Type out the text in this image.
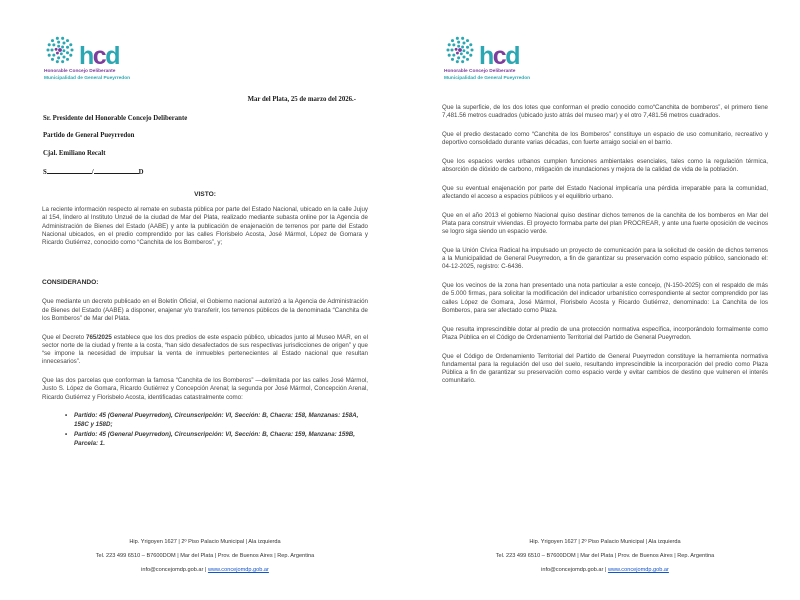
hcd
Honorable Concejo Deliberante
Municipalidad de General Pueyrredon
Mar del Plata, 25 de marzo del 2026.-

Sr. Presidente del Honorable Concejo Deliberante

Partido de General Pueyrredon

Cjal. Emiliano Recalt

S	/	D
VISTO:

La reciente información respecto al remate en subasta pública por parte del Estado Nacional, ubicado en la calle Jujuy al 154, lindero al Instituto Unzué de la ciudad de Mar del Plata, realizado mediante subasta online por la Agencia de Administración de Bienes del Estado (AABE) y ante la publicación de enajenación de terrenos por parte del Estado Nacional ubicados, en el predio comprendido por las calles Florisbelo Acosta, José Mármol, López de Gomara y Ricardo Gutiérrez, conocido como “Canchita de los Bomberos”, y;

CONSIDERANDO:

Que mediante un decreto publicado en el Boletín Oficial, el Gobierno nacional autorizó a la Agencia de Administración de Bienes del Estado (AABE) a disponer, enajenar y/o transferir, los terrenos públicos de la denominada “Canchita de los Bomberos” de Mar del Plata.

Que el Decreto 765/2025 establece que los dos predios de este espacio público, ubicados junto al Museo MAR, en el sector norte de la ciudad y frente a la costa, “han sido desafectados de sus respectivas jurisdicciones de origen” y que “se impone la necesidad de impulsar la venta de inmuebles pertenecientes al Estado nacional que resultan innecesarios”.

Que las dos parcelas que conforman la famosa “Canchita de los Bomberos” —delimitada por las calles José Mármol, Justo S. López de Gomara, Ricardo Gutiérrez y Concepción Arenal; la segunda por José Mármol, Concepción Arenal, Ricardo Gutiérrez y Florisbelo Acosta, identificadas catastralmente como:

• Partido: 45 (General Pueyrredon), Circunscripción: VI, Sección: B, Chacra: 158, Manzanas: 158A, 158C y 158D;
• Partido: 45 (General Pueyrredon), Circunscripción: VI, Sección: B, Chacra: 159, Manzana: 159B, Parcela: 1.
Hip. Yrigoyen 1627 | 2º Piso Palacio Municipal | Ala izquierda
Tel. 223 499 6510 – B7600DOM | Mar del Plata | Prov. de Buenos Aires | Rep. Argentina
info@concejomdp.gob.ar | www.concejomdp.gob.ar
hcd
Honorable Concejo Deliberante
Municipalidad de General Pueyrredon

Que la superficie, de los dos lotes que conforman el predio conocido como“Canchita de bomberos”, el primero tiene 7,481.56 metros cuadrados (ubicado justo atrás del museo mar) y el otro 7,481.56 metros cuadrados.

Que el predio destacado como “Canchita de los Bomberos” constituye un espacio de uso comunitario, recreativo y deportivo consolidado durante varias décadas, con fuerte arraigo social en el barrio.

Que los espacios verdes urbanos cumplen funciones ambientales esenciales, tales como la regulación térmica, absorción de dióxido de carbono, mitigación de inundaciones y mejora de la calidad de vida de la población.

Que su eventual enajenación por parte del Estado Nacional implicaría una pérdida irreparable para la comunidad, afectando el acceso a espacios públicos y el equilibrio urbano.

Que en el año 2013 el gobierno Nacional quiso destinar dichos terrenos de la canchita de los bomberos en Mar del Plata para construir viviendas. El proyecto formaba parte del plan PROCREAR, y ante una fuerte oposición de vecinos se logro siga siendo un espacio verde.

Que la Unión Cívica Radical ha impulsado un proyecto de comunicación para la solicitud de cesión de dichos terrenos a la Municipalidad de General Pueyrredon, a fin de garantizar su preservación como espacio público, sancionado el: 04-12-2025, registro: C-6436.

Que los vecinos de la zona han presentado una nota particular a este concejo, (N-150-2025) con el respaldo de más de 5.000 firmas, para solicitar la modificación del indicador urbanístico correspondiente al sector comprendido por las calles López de Gomara, José Mármol, Florisbelo Acosta y Ricardo Gutiérrez, denominado: La Canchita de los Bomberos, para ser afectado como Plaza.

Que resulta imprescindible dotar al predio de una protección normativa específica, incorporándolo formalmente como Plaza Pública en el Código de Ordenamiento Territorial del Partido de General Pueyrredon.

Que el Código de Ordenamiento Territorial del Partido de General Pueyrredon constituye la herramienta normativa fundamental para la regulación del uso del suelo, resultando imprescindible la incorporación del predio como Plaza Pública a fin de garantizar su preservación como espacio verde y evitar cambios de destino que vulneren el interés comunitario.

Hip. Yrigoyen 1627 | 2º Piso Palacio Municipal | Ala izquierda
Tel. 223 499 6510 – B7600DOM | Mar del Plata | Prov. de Buenos Aires | Rep. Argentina
info@concejomdp.gob.ar | www.concejomdp.gob.ar
